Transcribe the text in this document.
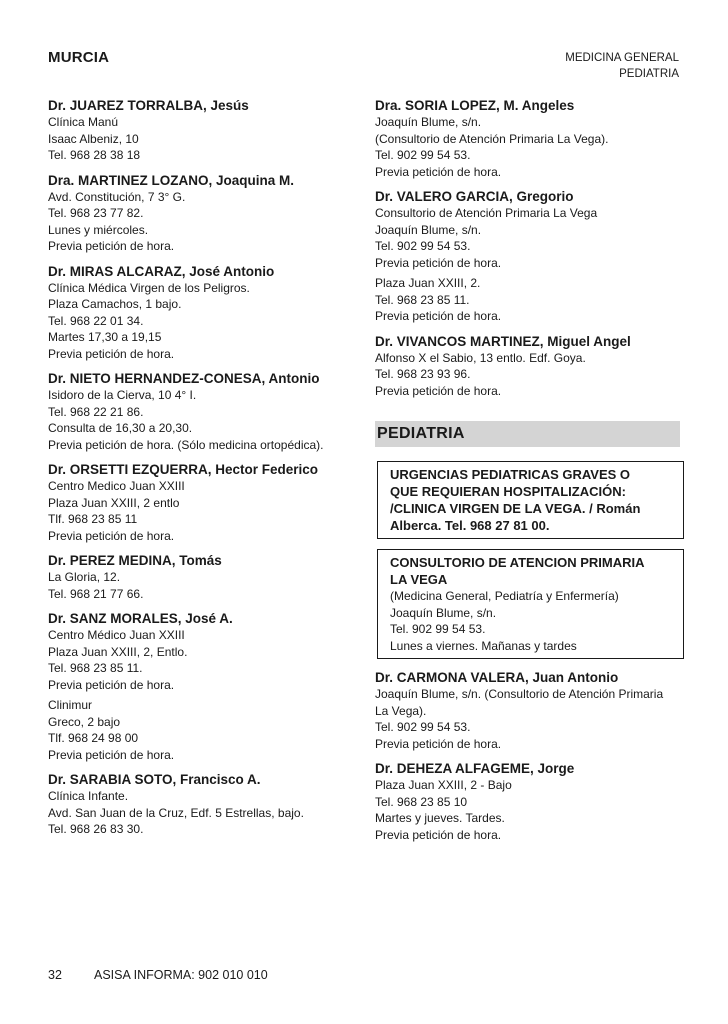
MURCIA	MEDICINA GENERAL
PEDIATRIA

Dr. JUAREZ TORRALBA, Jesús

Clínica Manú

Isaac Albeniz, 10

Tel. 968 28 38 18

Dra. MARTINEZ LOZANO, Joaquina M.

Avd. Constitución, 7 3° G.

Tel. 968 23 77 82.

Lunes y miércoles.

Previa petición de hora.

Dr. MIRAS ALCARAZ, José Antonio

Clínica Médica Virgen de los Peligros.

Plaza Camachos, 1 bajo.

Tel. 968 22 01 34.

Martes 17,30 a 19,15

Previa petición de hora.

Dr. NIETO HERNANDEZ-CONESA, Antonio

Isidoro de la Cierva, 10 4° I.

Tel. 968 22 21 86.

Consulta de 16,30 a 20,30.

Previa petición de hora. (Sólo medicina ortopédica).

Dr. ORSETTI EZQUERRA, Hector Federico

Centro Medico Juan XXIII

Plaza Juan XXIII, 2 entlo

Tlf. 968 23 85 11

Previa petición de hora.

Dr. PEREZ MEDINA, Tomás

La Gloria, 12.

Tel. 968 21 77 66.

Dr. SANZ MORALES, José A.

Centro Médico Juan XXIII

Plaza Juan XXIII, 2, Entlo.

Tel. 968 23 85 11.

Previa petición de hora.

Clinimur

Greco, 2 bajo

Tlf. 968 24 98 00

Previa petición de hora.

Dr. SARABIA SOTO, Francisco A.

Clínica Infante.

Avd. San Juan de la Cruz, Edf. 5 Estrellas, bajo.

Tel. 968 26 83 30.

Dra. SORIA LOPEZ, M. Angeles

Joaquín Blume, s/n.

(Consultorio de Atención Primaria La Vega).

Tel. 902 99 54 53.

Previa petición de hora.

Dr. VALERO GARCIA, Gregorio

Consultorio de Atención Primaria La Vega

Joaquín Blume, s/n.

Tel. 902 99 54 53.

Previa petición de hora.

Plaza Juan XXIII, 2.

Tel. 968 23 85 11.

Previa petición de hora.

Dr. VIVANCOS MARTINEZ, Miguel Angel

Alfonso X el Sabio, 13 entlo. Edf. Goya.

Tel. 968 23 93 96.

Previa petición de hora.

PEDIATRIA

URGENCIAS PEDIATRICAS GRAVES O

QUE REQUIERAN HOSPITALIZACIÓN:

/CLINICA VIRGEN DE LA VEGA. / Román

Alberca. Tel. 968 27 81 00.

CONSULTORIO DE ATENCION PRIMARIA

LA VEGA

(Medicina General, Pediatría y Enfermería)

Joaquín Blume, s/n.

Tel. 902 99 54 53.

Lunes a viernes. Mañanas y tardes

Dr. CARMONA VALERA, Juan Antonio

Joaquín Blume, s/n. (Consultorio de Atención Primaria

La Vega).

Tel. 902 99 54 53.

Previa petición de hora.

Dr. DEHEZA ALFAGEME, Jorge

Plaza Juan XXIII, 2 - Bajo

Tel. 968 23 85 10

Martes y jueves. Tardes.

Previa petición de hora.

32	ASISA INFORMA: 902 010 010
